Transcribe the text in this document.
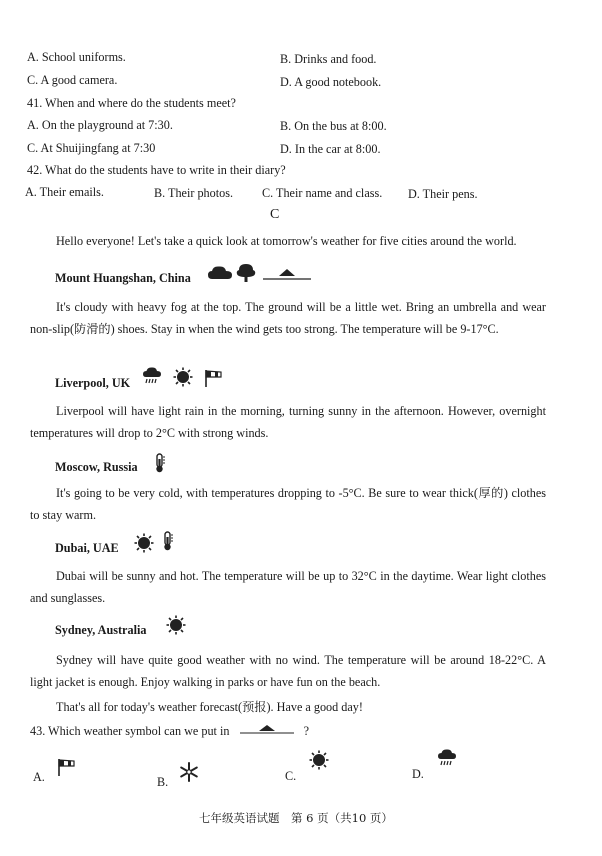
A. School uniforms.	B. Drinks and food.
C. A good camera.	D. A good notebook.
41. When and where do the students meet?
A. On the playground at 7:30.	B. On the bus at 8:00.
C. At Shuijingfang at 7:30	D. In the car at 8:00.
42. What do the students have to write in their diary?
A. Their emails.	B. Their photos. C. Their name and class. D. Their pens.
C
Hello everyone! Let's take a quick look at tomorrow's weather for five cities around the world.
Mount Huangshan, China
It's cloudy with heavy fog at the top. The ground will be a little wet. Bring an umbrella and wear non-slip(防滑的) shoes. Stay in when the wind gets too strong. The temperature will be 9-17°C.
Liverpool, UK
Liverpool will have light rain in the morning, turning sunny in the afternoon. However, overnight temperatures will drop to 2°C with strong winds.
Moscow, Russia
It's going to be very cold, with temperatures dropping to -5°C. Be sure to wear thick(厚的) clothes to stay warm.
Dubai, UAE
Dubai will be sunny and hot. The temperature will be up to 32°C in the daytime. Wear light clothes and sunglasses.
Sydney, Australia
Sydney will have quite good weather with no wind. The temperature will be around 18-22°C. A light jacket is enough. Enjoy walking in parks or have fun on the beach.
That's all for today's weather forecast(预报). Have a good day!
43. Which weather symbol can we put in	?
A.	B.	C.	D.
七年级英语试题　第 6 页（共10 页）
